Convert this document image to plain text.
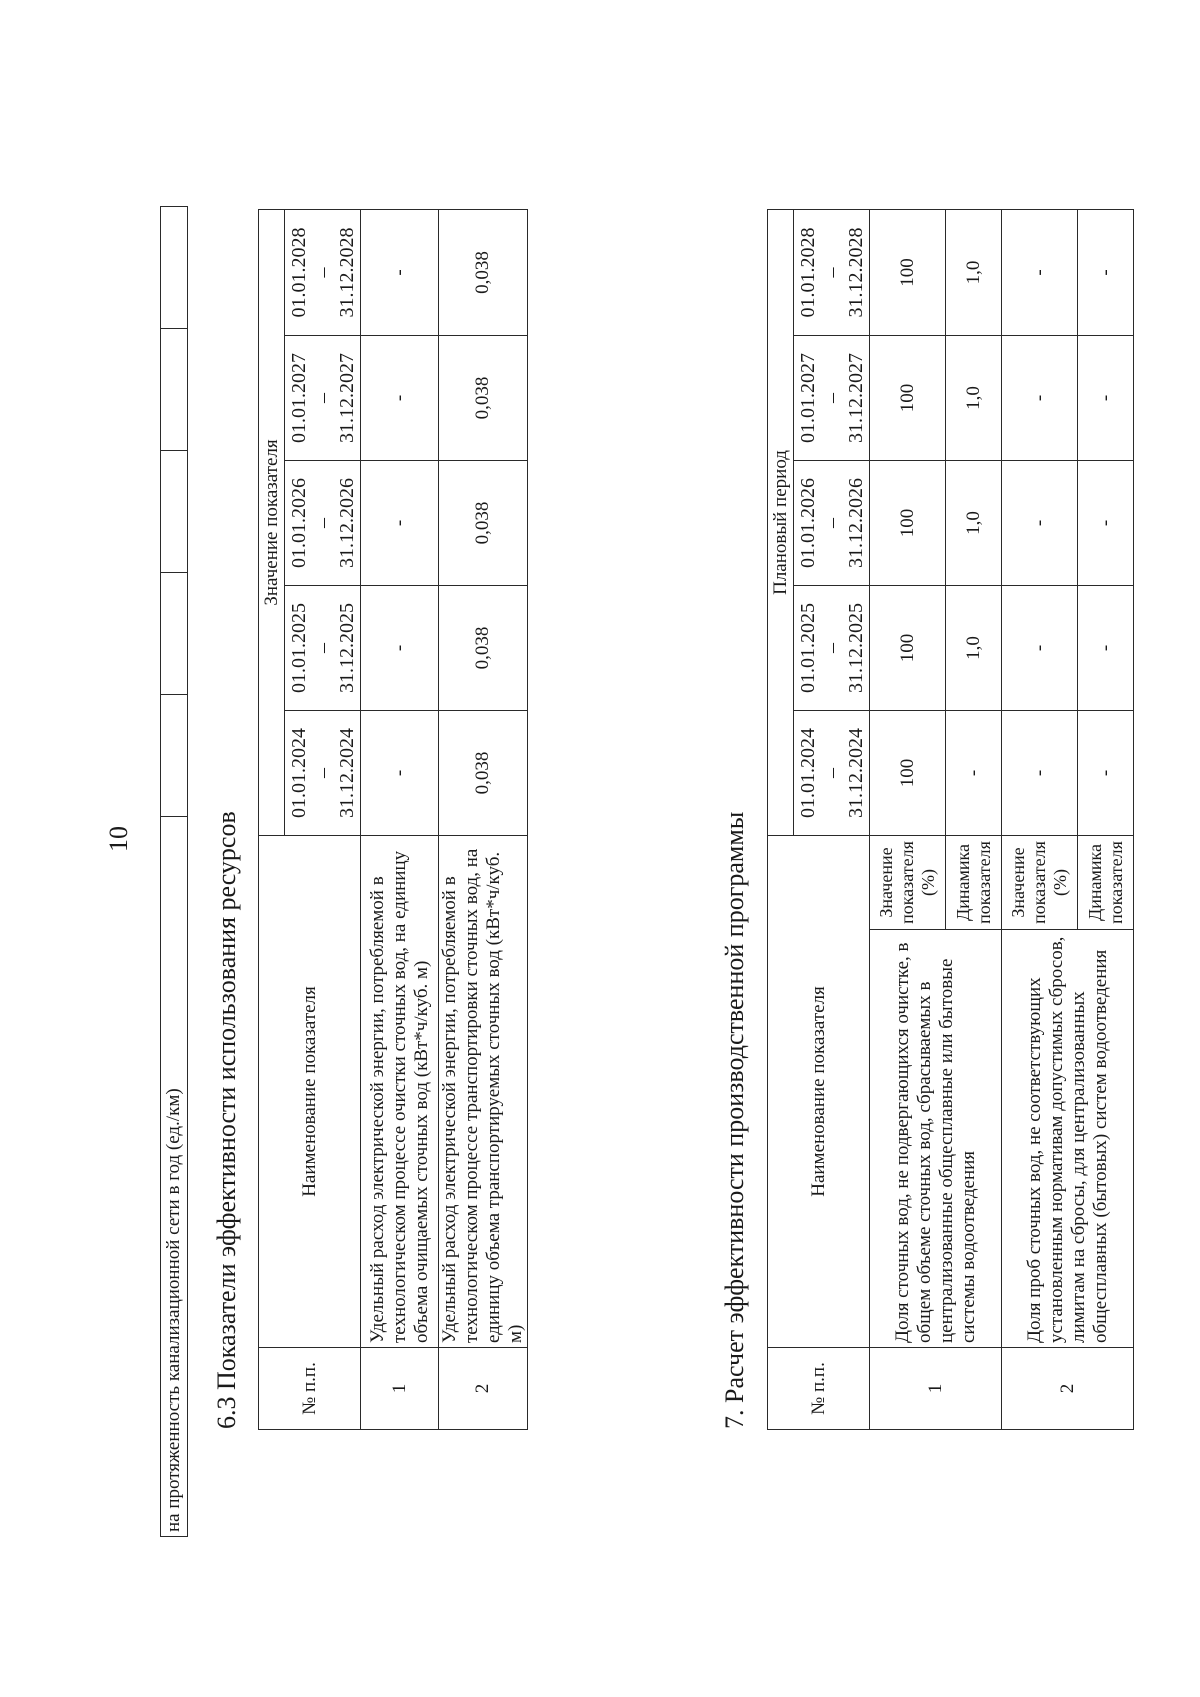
10
на протяженность канализационной сети в год (ед./км)					6.3 Показатели эффективности использования ресурсов	№ п.п.	Наименование показателя	Значение показателя				
		01.01.2024 – 31.12.2024	01.01.2025 – 31.12.2025	01.01.2026 – 31.12.2026	01.01.2027 – 31.12.2027	01.01.2028 – 31.12.2028
1	Удельный расход электрической энергии, потребляемой в технологическом процессе очистки сточных вод, на единицу объема очищаемых сточных вод (кВт*ч/куб. м)	-	-	-	-	-
2	Удельный расход электрической энергии, потребляемой в технологическом процессе транспортировки сточных вод, на единицу объема транспортируемых сточных вод (кВт*ч/куб. м)	0,038	0,038	0,038	0,038	0,038
7. Расчет эффективности производственной программы	№ п.п.	Наименование показателя		Плановый период				
			01.01.2024 – 31.12.2024	01.01.2025 – 31.12.2025	01.01.2026 – 31.12.2026	01.01.2027 – 31.12.2027	01.01.2028 – 31.12.2028
1	Доля сточных вод, не подвергающихся очистке, в общем объеме сточных вод, сбрасываемых в централизованные общесплавные или бытовые системы водоотведения	Значение показателя (%)	100	100	100	100	100
		Динамика показателя	-	1,0	1,0	1,0	1,0
2	Доля проб сточных вод, не соответствующих установленным нормативам допустимых сбросов, лимитам на сбросы, для централизованных общесплавных (бытовых) систем водоотведения	Значение показателя (%)	-	-	-	-	-
		Динамика показателя	-	-	-	-	-
